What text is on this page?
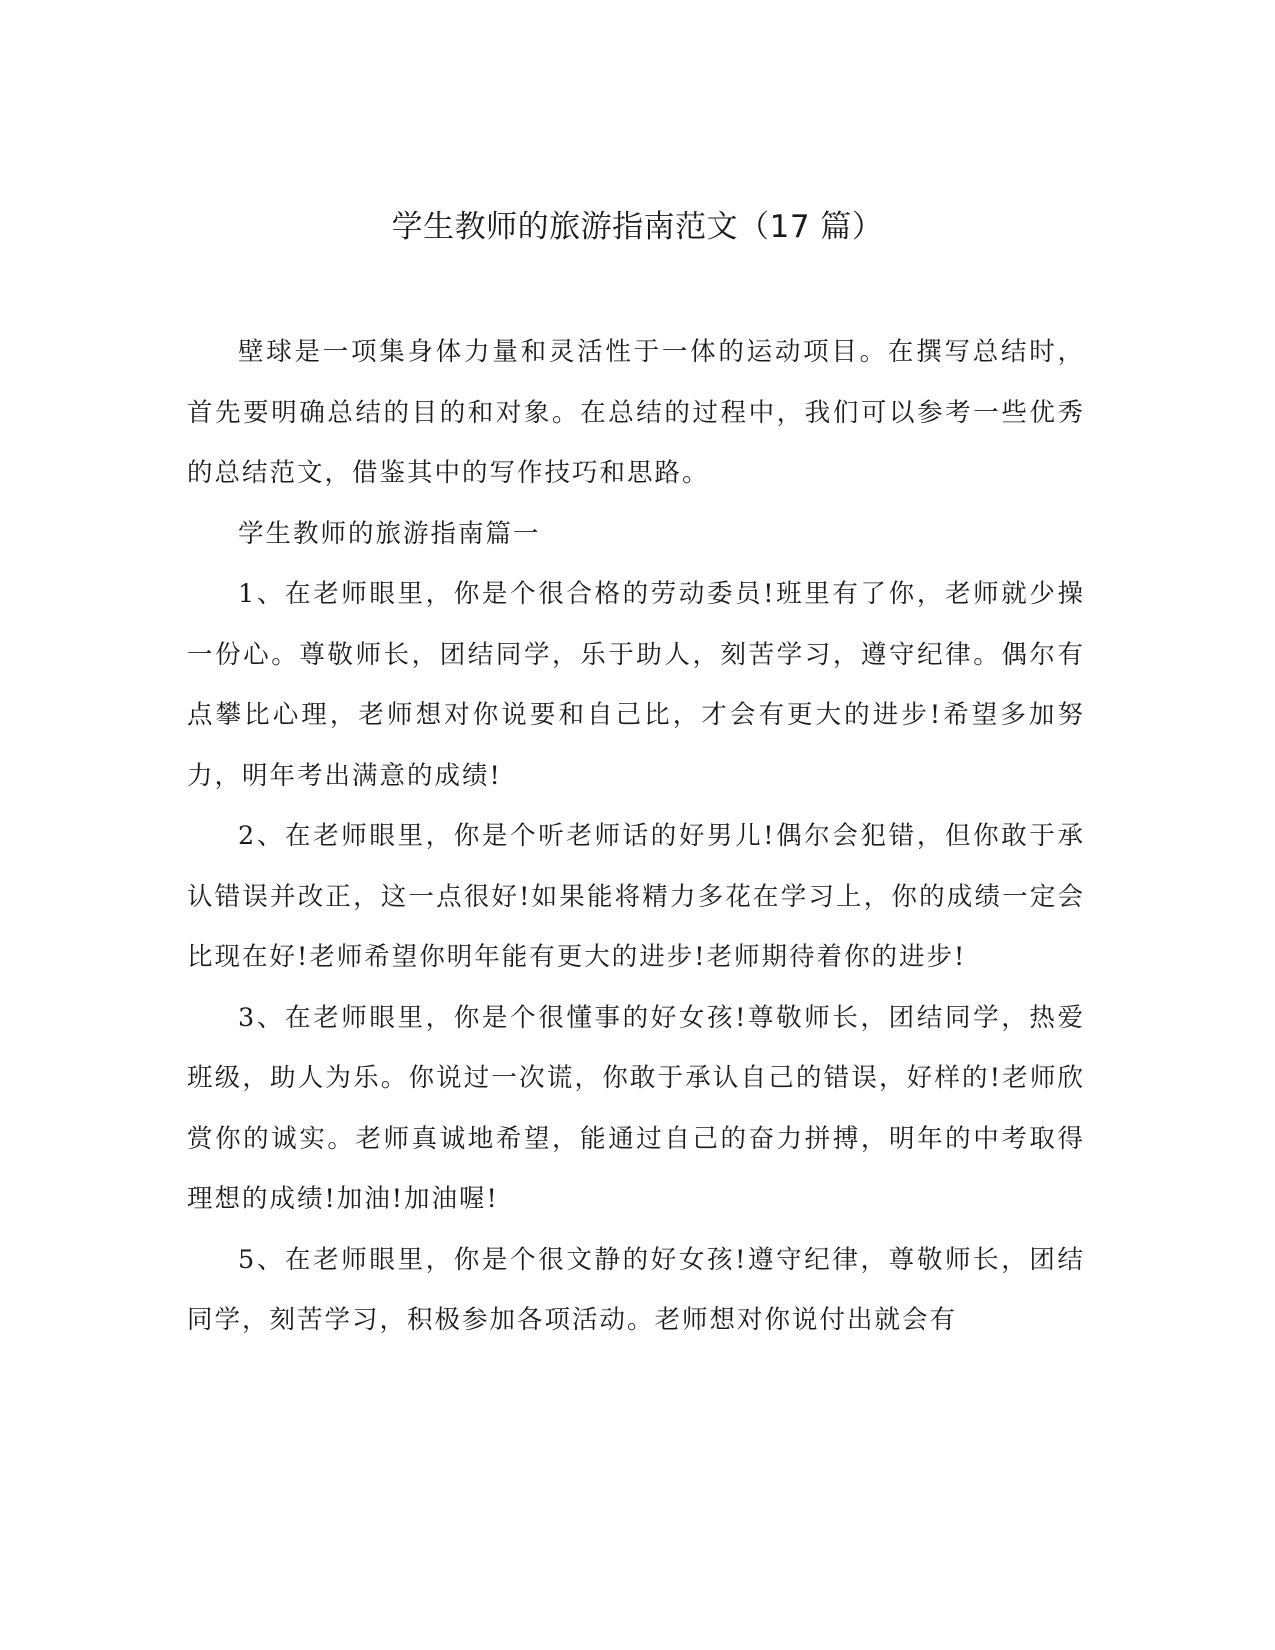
学生教师的旅游指南范文（17 篇）

壁球是一项集身体力量和灵活性于一体的运动项目。在撰写总结时，首先要明确总结的目的和对象。在总结的过程中，我们可以参考一些优秀的总结范文，借鉴其中的写作技巧和思路。

学生教师的旅游指南篇一

1、在老师眼里，你是个很合格的劳动委员!班里有了你，老师就少操一份心。尊敬师长，团结同学，乐于助人，刻苦学习，遵守纪律。偶尔有点攀比心理，老师想对你说要和自己比，才会有更大的进步!希望多加努力，明年考出满意的成绩!

2、在老师眼里，你是个听老师话的好男儿!偶尔会犯错，但你敢于承认错误并改正，这一点很好!如果能将精力多花在学习上，你的成绩一定会比现在好!老师希望你明年能有更大的进步!老师期待着你的进步!

3、在老师眼里，你是个很懂事的好女孩!尊敬师长，团结同学，热爱班级，助人为乐。你说过一次谎，你敢于承认自己的错误，好样的!老师欣赏你的诚实。老师真诚地希望，能通过自己的奋力拼搏，明年的中考取得理想的成绩!加油!加油喔!

5、在老师眼里，你是个很文静的好女孩!遵守纪律，尊敬师长，团结同学，刻苦学习，积极参加各项活动。老师想对你说付出就会有
